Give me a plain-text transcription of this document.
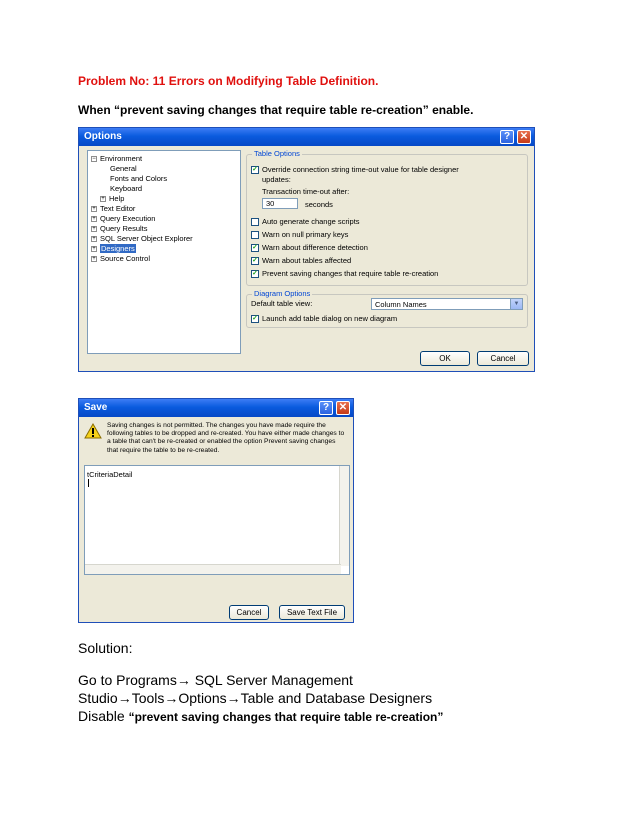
Problem No: 11 Errors on Modifying Table Definition.
When “prevent saving changes that require table re-creation” enable.
Options	? ✕
− Environment
General
Fonts and Colors
Keyboard
+ Help
+ Text Editor
+ Query Execution
+ Query Results
+ SQL Server Object Explorer
+ Designers
+ Source Control
Table Options
✓ Override connection string time-out value for table designer
updates:
Transaction time-out after:
30	seconds
Auto generate change scripts
Warn on null primary keys
✓ Warn about difference detection
✓ Warn about tables affected
✓ Prevent saving changes that require table re-creation
Diagram Options
Default table view:	Column Names	▼
✓ Launch add table dialog on new diagram
OK	Cancel
Save	? ✕
Saving changes is not permitted. The changes you have made require the
following tables to be dropped and re-created. You have either made changes to
a table that can't be re-created or enabled the option Prevent saving changes
that require the table to be re-created.
tCriteriaDetail
Cancel	Save Text File
Solution:
Go to Programs→ SQL Server Management
Studio→Tools→Options→Table and Database Designers
Disable “prevent saving changes that require table re-creation”
